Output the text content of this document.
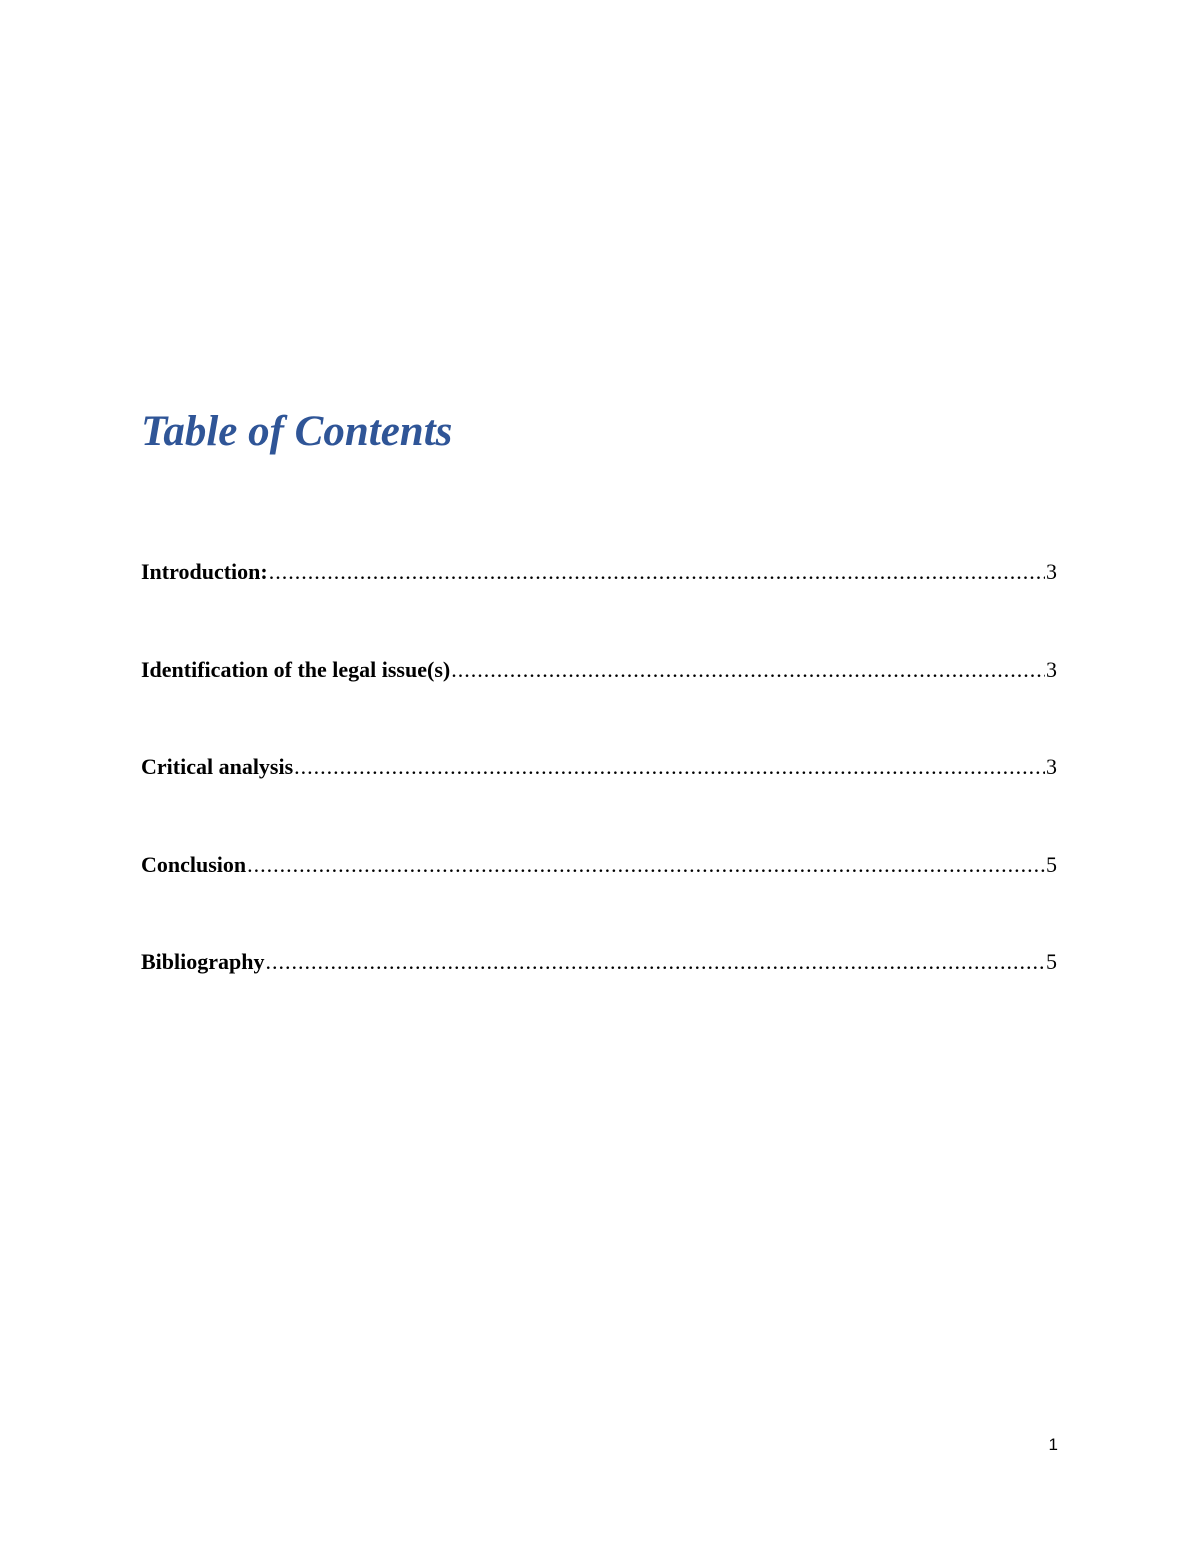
Table of Contents
Introduction: .....	3
Identification of the legal issue(s) .....	3
Critical analysis .....	3
Conclusion .....	5
Bibliography .....	5
1
